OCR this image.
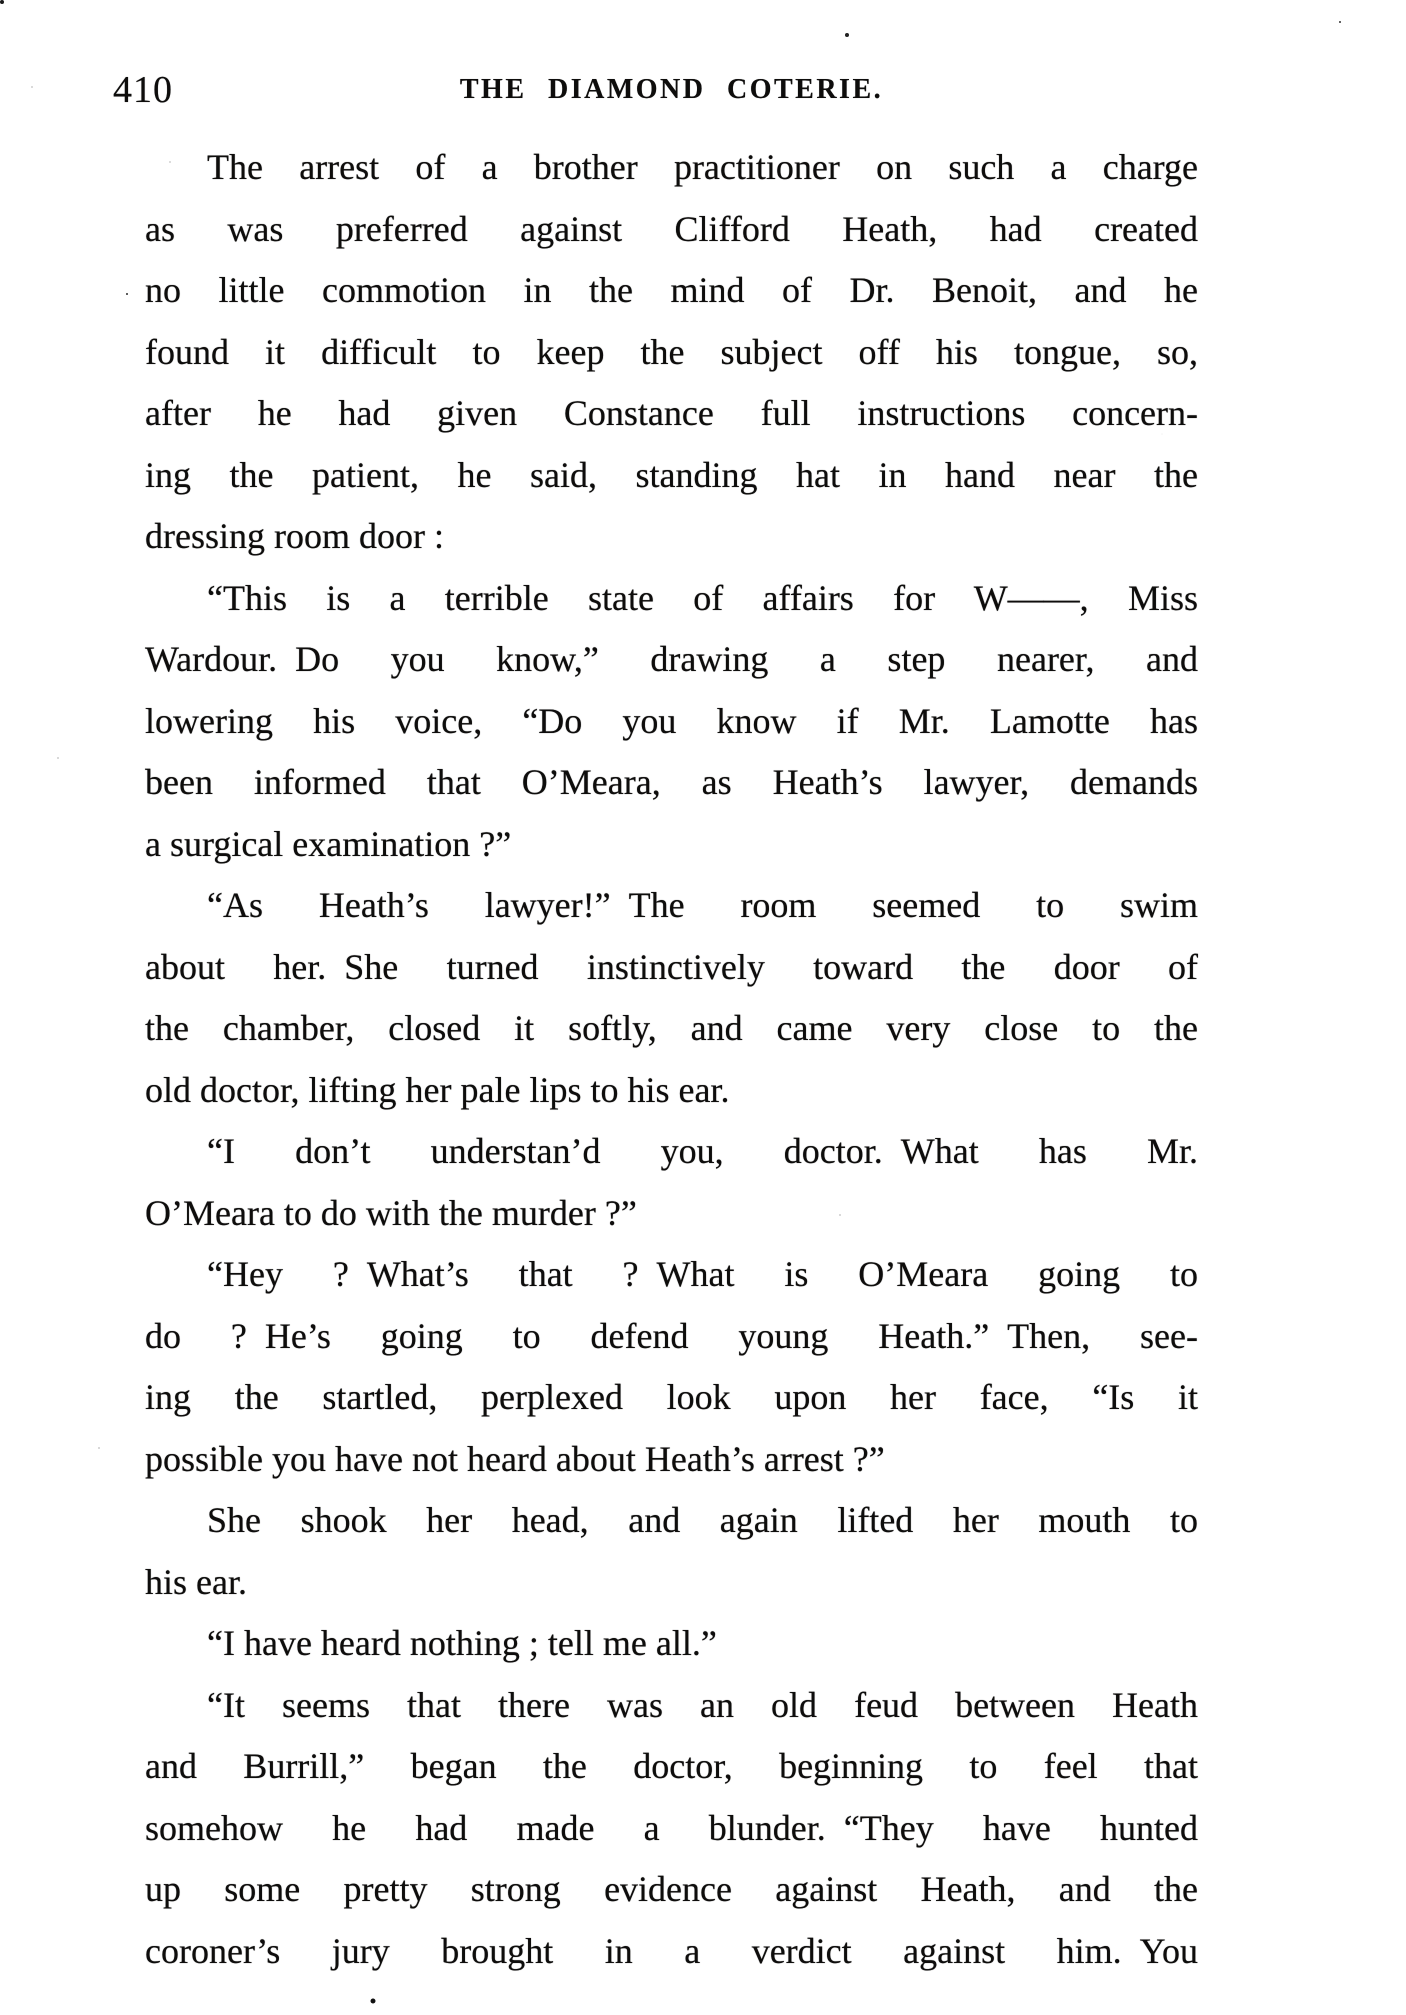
410	THE DIAMOND COTERIE.
The arrest of a brother practitioner on such a charge
as was preferred against Clifford Heath, had created
no little commotion in the mind of Dr. Benoit, and he
found it difficult to keep the subject off his tongue, so,
after he had given Constance full instructions concern-
ing the patient, he said, standing hat in hand near the
dressing room door :
“This is a terrible state of affairs for W——, Miss
Wardour. Do you know,” drawing a step nearer, and
lowering his voice, “Do you know if Mr. Lamotte has
been informed that O’Meara, as Heath’s lawyer, demands
a surgical examination ?”
“As Heath’s lawyer!” The room seemed to swim
about her. She turned instinctively toward the door of
the chamber, closed it softly, and came very close to the
old doctor, lifting her pale lips to his ear.
“I don’t understan’d you, doctor. What has Mr.
O’Meara to do with the murder ?”
“Hey ? What’s that ? What is O’Meara going to
do ? He’s going to defend young Heath.” Then, see-
ing the startled, perplexed look upon her face, “Is it
possible you have not heard about Heath’s arrest ?”
She shook her head, and again lifted her mouth to
his ear.
“I have heard nothing ; tell me all.”
“It seems that there was an old feud between Heath
and Burrill,” began the doctor, beginning to feel that
somehow he had made a blunder. “They have hunted
up some pretty strong evidence against Heath, and the
coroner’s jury brought in a verdict against him. You
